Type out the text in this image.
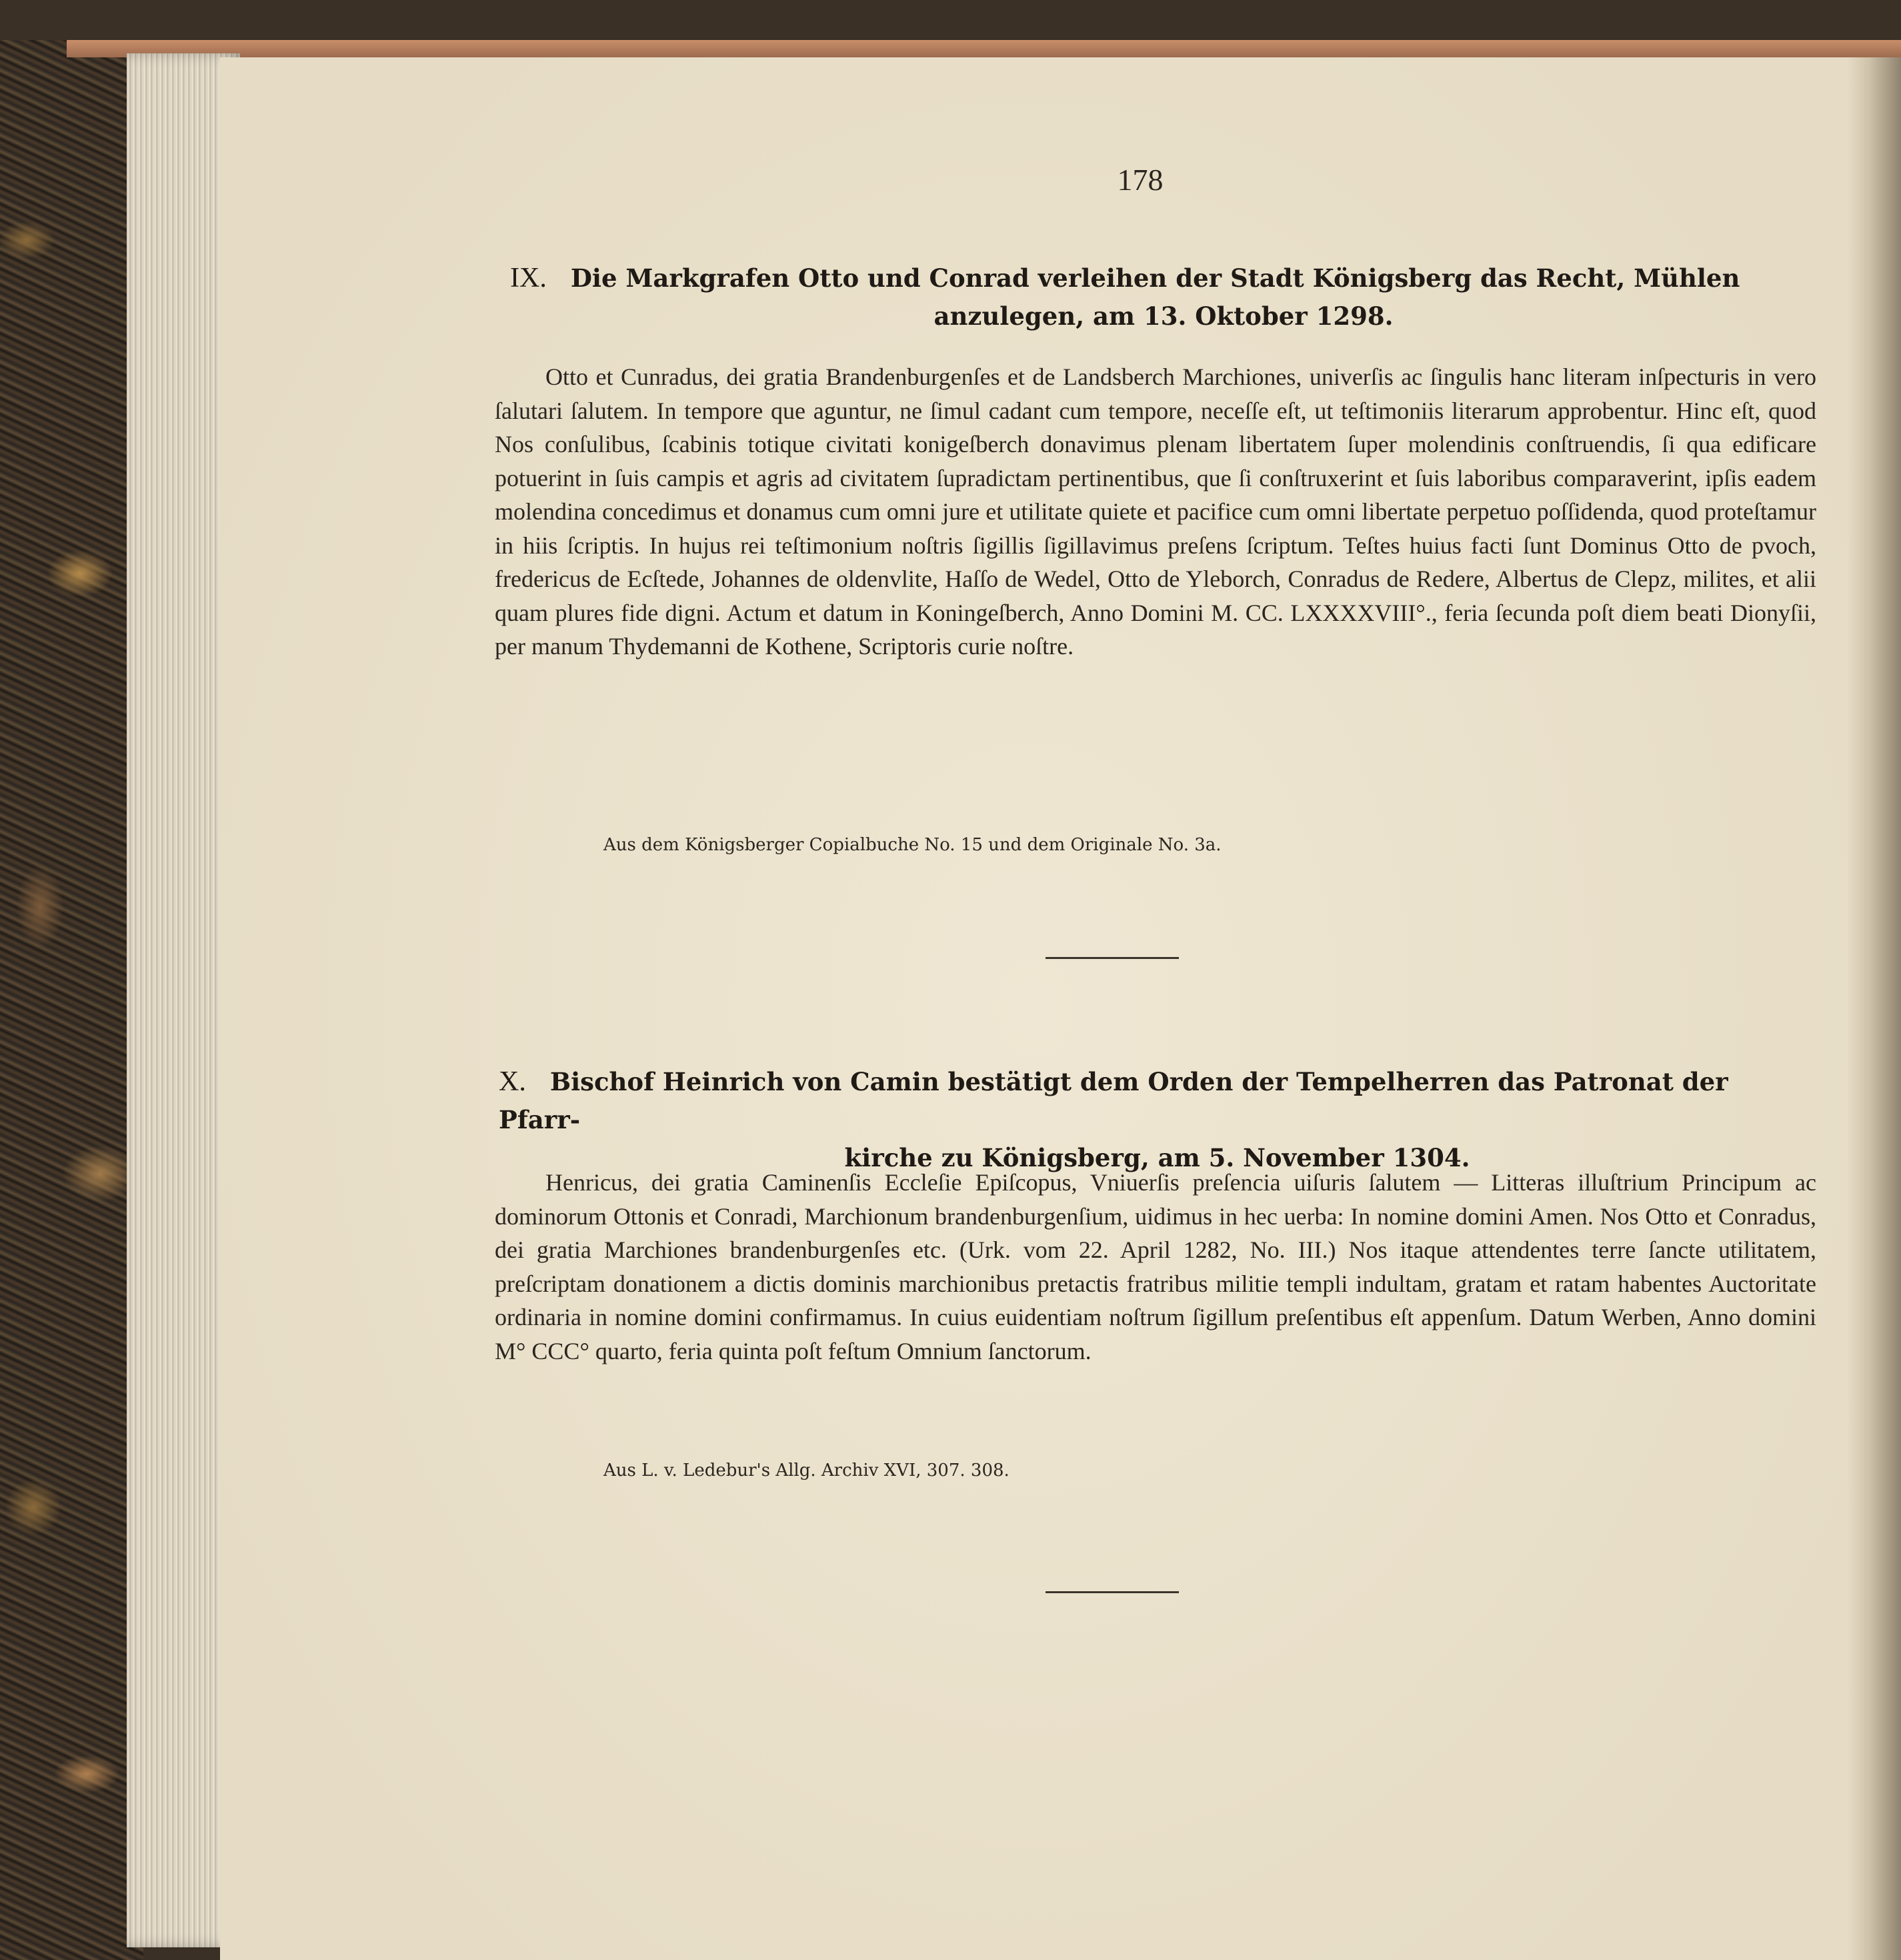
178
IX. Die Markgrafen Otto und Conrad verleihen der Stadt Königsberg das Recht, Mühlen
anzulegen, am 13. Oktober 1298.

Otto et Cunradus, dei gratia Brandenburgenſes et de Landsberch Marchiones, univerſis ac ſingulis hanc literam inſpecturis in vero ſalutari ſalutem. In tempore que aguntur, ne ſimul cadant cum tempore, neceſſe eſt, ut teſtimoniis literarum approbentur. Hinc eſt, quod Nos conſulibus, ſcabinis totique civitati konigeſberch donavimus plenam libertatem ſuper molendinis conſtruendis, ſi qua edificare potuerint in ſuis campis et agris ad civitatem ſupradictam pertinentibus, que ſi conſtruxerint et ſuis laboribus comparaverint, ipſis eadem molendina concedimus et donamus cum omni jure et utilitate quiete et pacifice cum omni libertate perpetuo poſſidenda, quod proteſtamur in hiis ſcriptis. In hujus rei teſtimonium noſtris ſigillis ſigillavimus preſens ſcriptum. Teſtes huius facti ſunt Dominus Otto de pvoch, fredericus de Ecſtede, Johannes de oldenvlite, Haſſo de Wedel, Otto de Yleborch, Conradus de Redere, Albertus de Clepz, milites, et alii quam plures fide digni. Actum et datum in Koningeſberch, Anno Domini M. CC. LXXXXVIII°., feria ſecunda poſt diem beati Dionyſii, per manum Thydemanni de Kothene, Scriptoris curie noſtre.

Aus dem Königsberger Copialbuche No. 15 und dem Originale No. 3a.
X. Bischof Heinrich von Camin bestätigt dem Orden der Tempelherren das Patronat der Pfarr-
kirche zu Königsberg, am 5. November 1304.

Henricus, dei gratia Caminenſis Eccleſie Epiſcopus, Vniuerſis preſencia uiſuris ſalutem — Litteras illuſtrium Principum ac dominorum Ottonis et Conradi, Marchionum brandenburgenſium, uidimus in hec uerba: In nomine domini Amen. Nos Otto et Conradus, dei gratia Marchiones brandenburgenſes etc. (Urk. vom 22. April 1282, No. III.) Nos itaque attendentes terre ſancte utilitatem, preſcriptam donationem a dictis dominis marchionibus pretactis fratribus militie templi indultam, gratam et ratam habentes Auctoritate ordinaria in nomine domini confirmamus. In cuius euidentiam noſtrum ſigillum preſentibus eſt appenſum. Datum Werben, Anno domini M° CCC° quarto, feria quinta poſt feſtum Omnium ſanctorum.

Aus L. v. Ledebur's Allg. Archiv XVI, 307. 308.
